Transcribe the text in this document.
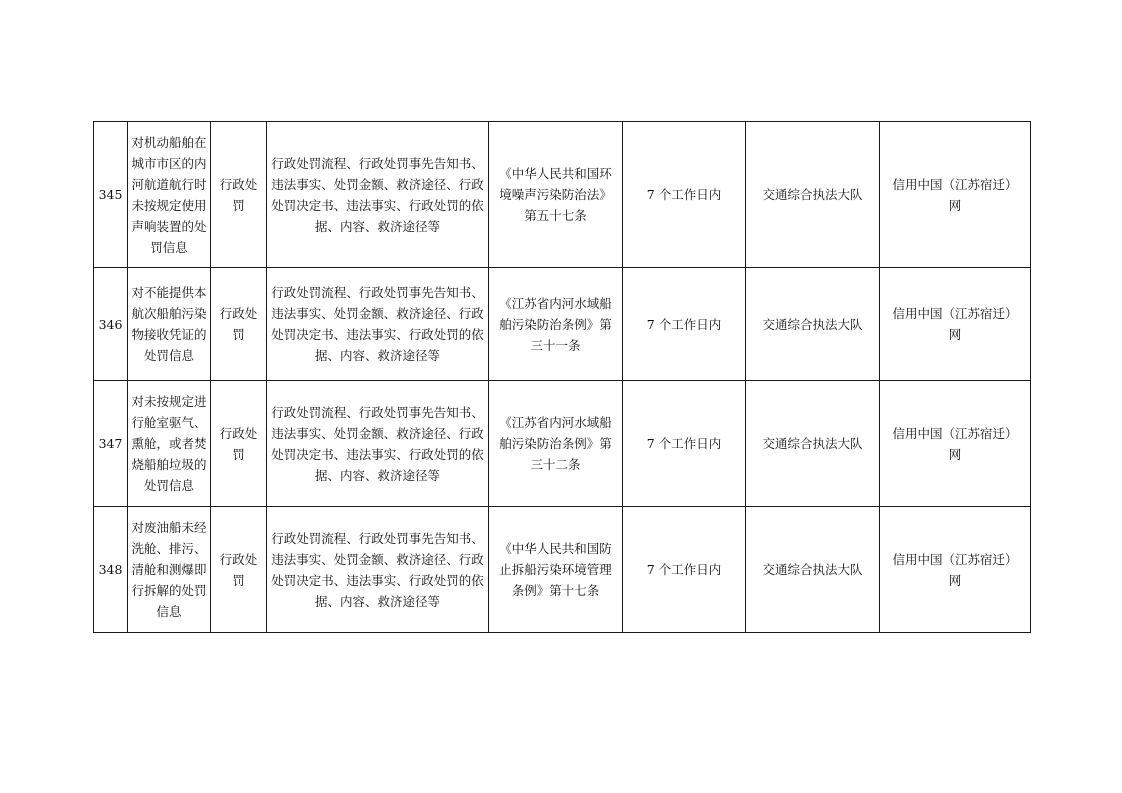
345	对机动船舶在城市市区的内河航道航行时未按规定使用声响装置的处罚信息	行政处罚	行政处罚流程、行政处罚事先告知书、违法事实、处罚金额、救济途径、行政处罚决定书、违法事实、行政处罚的依据、内容、救济途径等	《中华人民共和国环境噪声污染防治法》第五十七条	7 个工作日内	交通综合执法大队	信用中国（江苏宿迁）网
346	对不能提供本航次船舶污染物接收凭证的处罚信息	行政处罚	行政处罚流程、行政处罚事先告知书、违法事实、处罚金额、救济途径、行政处罚决定书、违法事实、行政处罚的依据、内容、救济途径等	《江苏省内河水域船舶污染防治条例》第三十一条	7 个工作日内	交通综合执法大队	信用中国（江苏宿迁）网
347	对未按规定进行舱室驱气、熏舱，或者焚烧船舶垃圾的处罚信息	行政处罚	行政处罚流程、行政处罚事先告知书、违法事实、处罚金额、救济途径、行政处罚决定书、违法事实、行政处罚的依据、内容、救济途径等	《江苏省内河水域船舶污染防治条例》第三十二条	7 个工作日内	交通综合执法大队	信用中国（江苏宿迁）网
348	对废油船未经洗舱、排污、清舱和测爆即行拆解的处罚信息	行政处罚	行政处罚流程、行政处罚事先告知书、违法事实、处罚金额、救济途径、行政处罚决定书、违法事实、行政处罚的依据、内容、救济途径等	《中华人民共和国防止拆船污染环境管理条例》第十七条	7 个工作日内	交通综合执法大队	信用中国（江苏宿迁）网
